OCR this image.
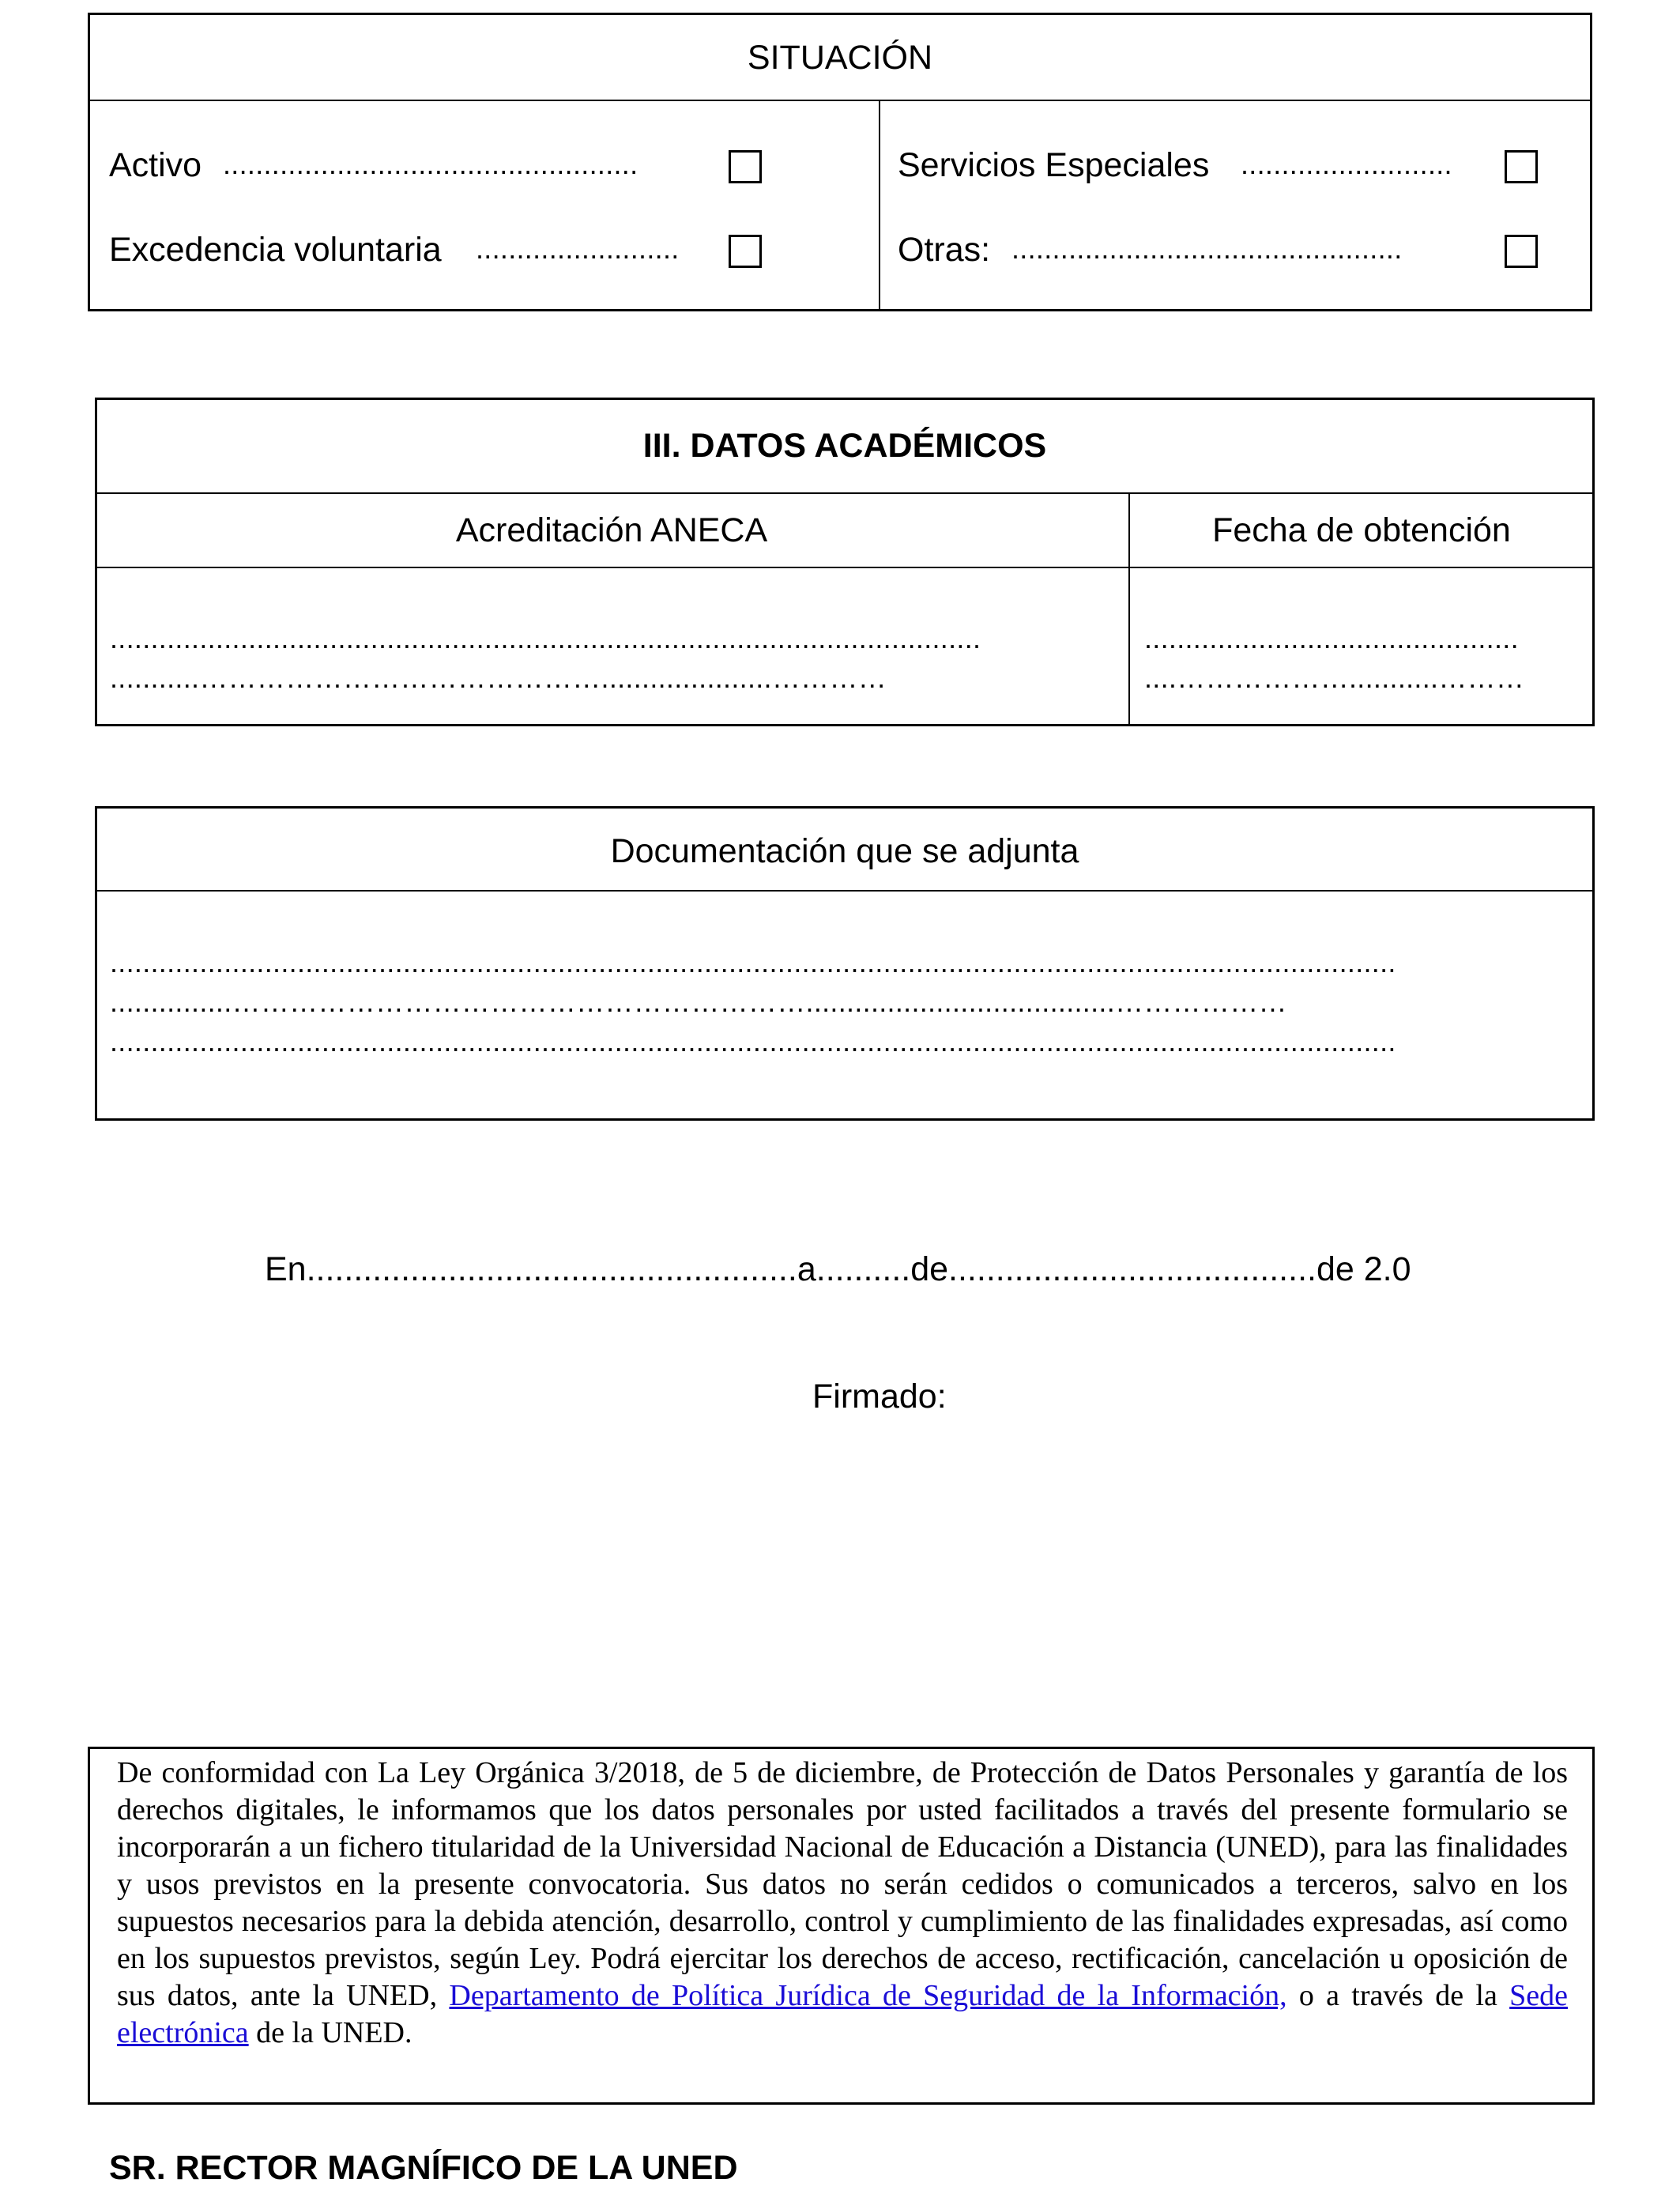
SITUACIÓN
Activo ...................................................
Excedencia voluntaria .........................
Servicios Especiales ..........................
Otras: ................................................
III. DATOS ACADÉMICOS
Acreditación ANECA	Fecha de obtención
...........................................................................................................
...........…………………………………….....................…………
..............................................
....………………...........………
Documentación que se adjunta
..............................................................................................................................................................
...............……………………………………………………......................................………………
..............................................................................................................................................................
En....................................................a..........de.......................................de 2.0
Firmado:
De conformidad con La Ley Orgánica 3/2018, de 5 de diciembre, de Protección de Datos Personales y garantía de los derechos digitales, le informamos que los datos personales por usted facilitados a través del presente formulario se incorporarán a un fichero titularidad de la Universidad Nacional de Educación a Distancia (UNED), para las finalidades y usos previstos en la presente convocatoria. Sus datos no serán cedidos o comunicados a terceros, salvo en los supuestos necesarios para la debida atención, desarrollo, control y cumplimiento de las finalidades expresadas, así como en los supuestos previstos, según Ley. Podrá ejercitar los derechos de acceso, rectificación, cancelación u oposición de sus datos, ante la UNED, Departamento de Política Jurídica de Seguridad de la Información, o a través de la Sede electrónica de la UNED.
SR. RECTOR MAGNÍFICO DE LA UNED
